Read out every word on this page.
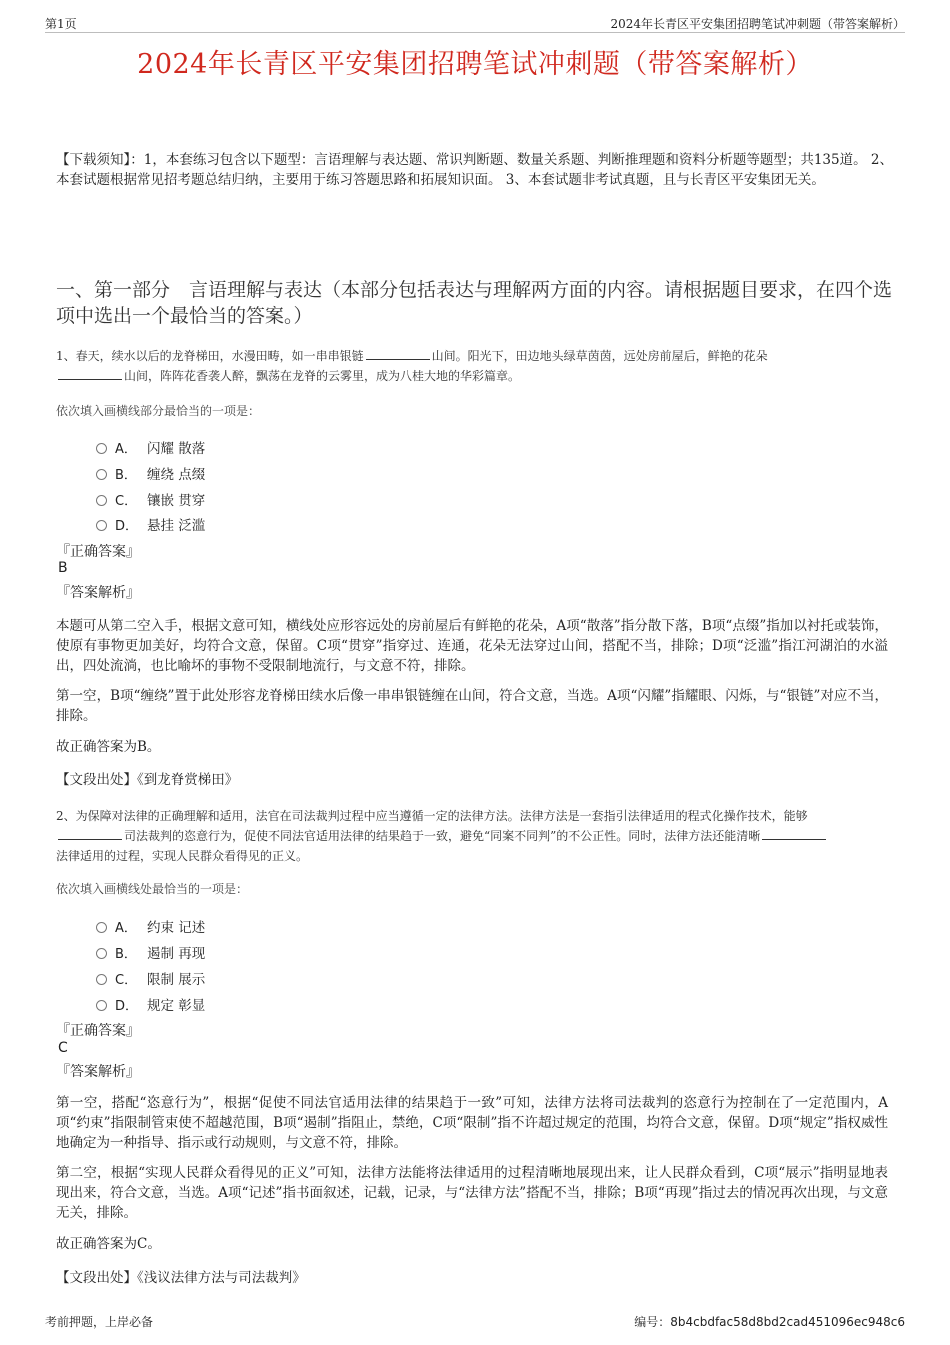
第1页	2024年长青区平安集团招聘笔试冲刺题（带答案解析）
2024年长青区平安集团招聘笔试冲刺题（带答案解析）
【下载须知】：1，本套练习包含以下题型：言语理解与表达题、常识判断题、数量关系题、判断推理题和资料分析题等题型；共135道。 2、本套试题根据常见招考题总结归纳，主要用于练习答题思路和拓展知识面。 3、本套试题非考试真题，且与长青区平安集团无关。
一、第一部分　言语理解与表达（本部分包括表达与理解两方面的内容。请根据题目要求，在四个选项中选出一个最恰当的答案。）
1、春天，续水以后的龙脊梯田，水漫田畴，如一串串银链	山间。阳光下，田边地头绿草茵茵，远处房前屋后，鲜艳的花朵
山间，阵阵花香袭人醉，飘荡在龙脊的云雾里，成为八桂大地的华彩篇章。
依次填入画横线部分最恰当的一项是：
A． 闪耀 散落
B． 缠绕 点缀
C． 镶嵌 贯穿
D． 悬挂 泛滥
『正确答案』
B
『答案解析』
本题可从第二空入手，根据文意可知，横线处应形容远处的房前屋后有鲜艳的花朵，A项“散落”指分散下落，B项“点缀”指加以衬托或装饰，使原有事物更加美好，均符合文意，保留。C项“贯穿”指穿过、连通，花朵无法穿过山间，搭配不当，排除；D项“泛滥”指江河湖泊的水溢出，四处流淌，也比喻坏的事物不受限制地流行，与文意不符，排除。
第一空，B项“缠绕”置于此处形容龙脊梯田续水后像一串串银链缠在山间，符合文意，当选。A项“闪耀”指耀眼、闪烁，与“银链”对应不当，排除。
故正确答案为B。
【文段出处】《到龙脊赏梯田》
2、为保障对法律的正确理解和适用，法官在司法裁判过程中应当遵循一定的法律方法。法律方法是一套指引法律适用的程式化操作技术，能够
司法裁判的恣意行为，促使不同法官适用法律的结果趋于一致，避免“同案不同判”的不公正性。同时，法律方法还能清晰
法律适用的过程，实现人民群众看得见的正义。
依次填入画横线处最恰当的一项是：
A． 约束 记述
B． 遏制 再现
C． 限制 展示
D． 规定 彰显
『正确答案』
C
『答案解析』
第一空，搭配“恣意行为”，根据“促使不同法官适用法律的结果趋于一致”可知，法律方法将司法裁判的恣意行为控制在了一定范围内，A项“约束”指限制管束使不超越范围，B项“遏制”指阻止，禁绝，C项“限制”指不许超过规定的范围，均符合文意，保留。D项“规定”指权威性地确定为一种指导、指示或行动规则，与文意不符，排除。
第二空，根据“实现人民群众看得见的正义”可知，法律方法能将法律适用的过程清晰地展现出来，让人民群众看到，C项“展示”指明显地表现出来，符合文意，当选。A项“记述”指书面叙述，记载，记录，与“法律方法”搭配不当，排除；B项“再现”指过去的情况再次出现，与文意无关，排除。
故正确答案为C。
【文段出处】《浅议法律方法与司法裁判》
考前押题，上岸必备	编号：8b4cbdfac58d8bd2cad451096ec948c6
